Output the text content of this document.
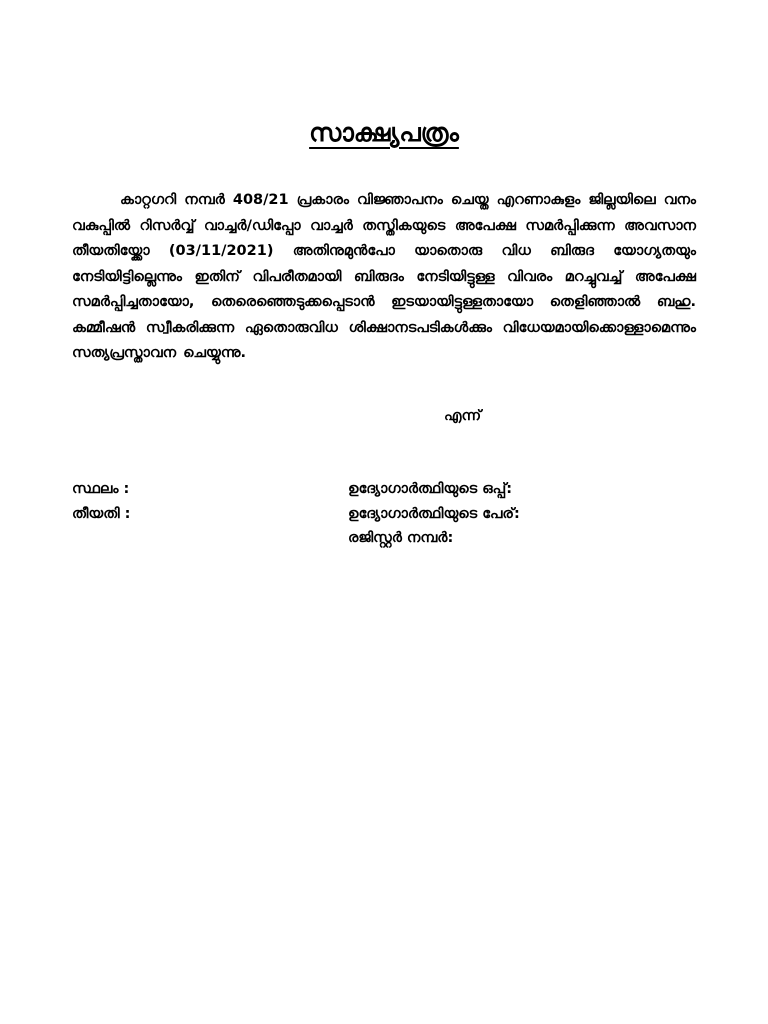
സാക്ഷ്യപത്രം
കാറ്റഗറി നമ്പർ 408/21 പ്രകാരം വിജ്ഞാപനം ചെയ്ത എറണാകുളം ജില്ലയിലെ വനം വകുപ്പിൽ റിസർവ്വ് വാച്ചർ/ഡിപ്പോ വാച്ചർ തസ്തികയുടെ അപേക്ഷ സമർപ്പിക്കുന്ന അവസാന തീയതിയ്ക്കോ (03/11/2021) അതിനുമുൻപോ യാതൊരു വിധ ബിരുദ യോഗ്യതയും നേടിയിട്ടില്ലെന്നും ഇതിന് വിപരീതമായി ബിരുദം നേടിയിട്ടുള്ള വിവരം മറച്ചുവച്ച് അപേക്ഷ സമർപ്പിച്ചതായോ, തെരെഞ്ഞെടുക്കപ്പെടാൻ ഇടയായിട്ടുള്ളതായോ തെളിഞ്ഞാൽ ബഹു. കമ്മീഷൻ സ്വീകരിക്കുന്ന ഏതൊരുവിധ ശിക്ഷാനടപടികൾക്കും വിധേയമായിക്കൊള്ളാമെന്നും സത്യപ്രസ്താവന ചെയ്യുന്നു.
എന്ന്
സ്ഥലം :
തീയതി :
ഉദ്യോഗാർത്ഥിയുടെ ഒപ്പ്:
ഉദ്യോഗാർത്ഥിയുടെ പേര്:
രജിസ്റ്റർ നമ്പർ:
